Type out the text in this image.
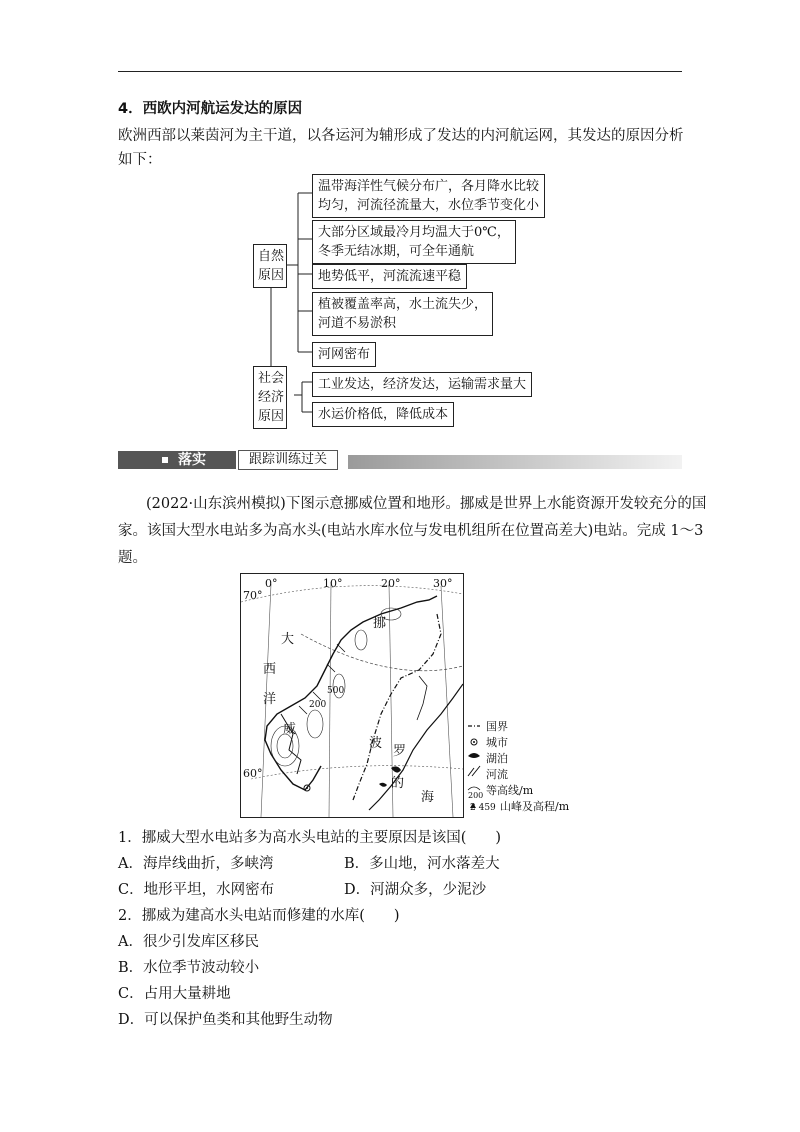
4．西欧内河航运发达的原因
欧洲西部以莱茵河为主干道，以各运河为辅形成了发达的内河航运网，其发达的原因分析
如下：
自然
原因
社会
经济
原因
温带海洋性气候分布广，各月降水比较
均匀，河流径流量大，水位季节变化小
大部分区域最冷月均温大于0℃，
冬季无结冰期，可全年通航
地势低平，河流流速平稳
植被覆盖率高，水土流失少，
河道不易淤积
河网密布
工业发达，经济发达，运输需求量大
水运价格低，降低成本
落实	跟踪训练过关
(2022·山东滨州模拟)下图示意挪威位置和地形。挪威是世界上水能资源开发较充分的国
家。该国大型水电站多为高水头(电站水库水位与发电机组所在位置高差大)电站。完成 1～3
题。
0°	10°	20°	30°
70°
60°
大
西
洋
挪
威
波
罗
的
海
200
500
国界
城市
湖泊
河流
200 等高线/m
2 459 山峰及高程/m
1．挪威大型水电站多为高水头电站的主要原因是该国(　　)
A．海岸线曲折，多峡湾	B．多山地，河水落差大
C．地形平坦，水网密布	D．河湖众多，少泥沙
2．挪威为建高水头电站而修建的水库(　　)
A．很少引发库区移民
B．水位季节波动较小
C．占用大量耕地
D．可以保护鱼类和其他野生动物
